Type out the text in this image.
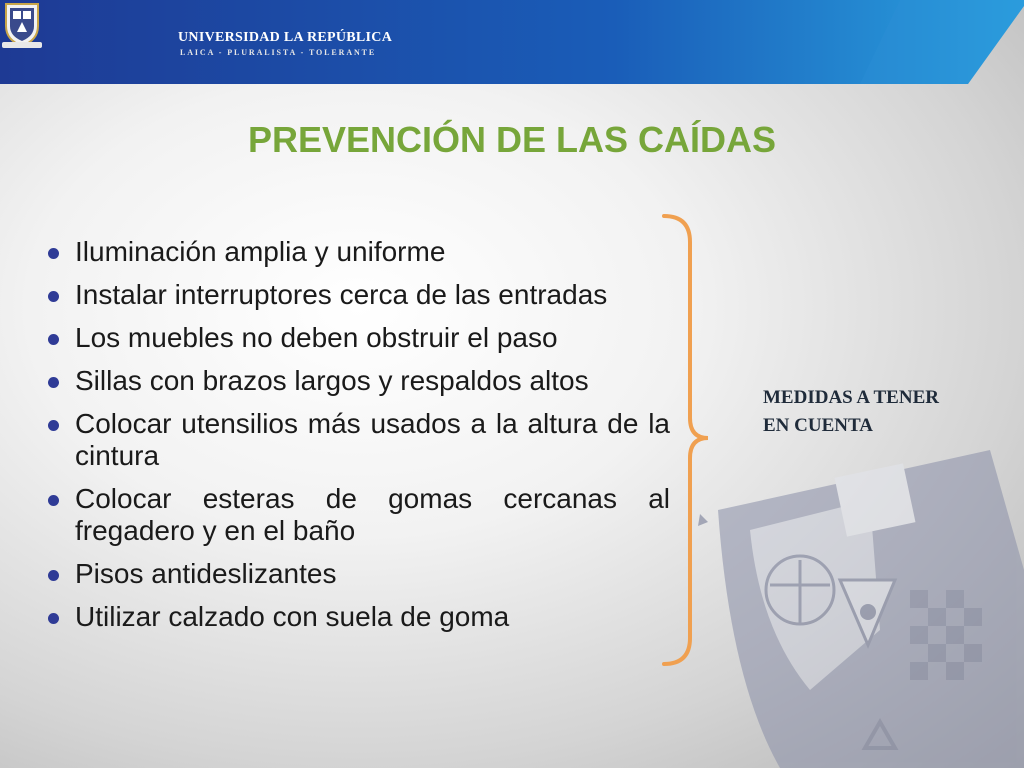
UNIVERSIDAD LA REPÚBLICA
LAICA - PLURALISTA - TOLERANTE
PREVENCIÓN DE LAS CAÍDAS
Iluminación amplia y uniforme
Instalar interruptores cerca de las entradas
Los muebles no deben obstruir el paso
Sillas con brazos largos y respaldos altos
Colocar utensilios más usados a la altura de la cintura
Colocar esteras de gomas cercanas al fregadero y en el baño
Pisos antideslizantes
Utilizar calzado con suela de goma

MEDIDAS A TENER EN CUENTA
